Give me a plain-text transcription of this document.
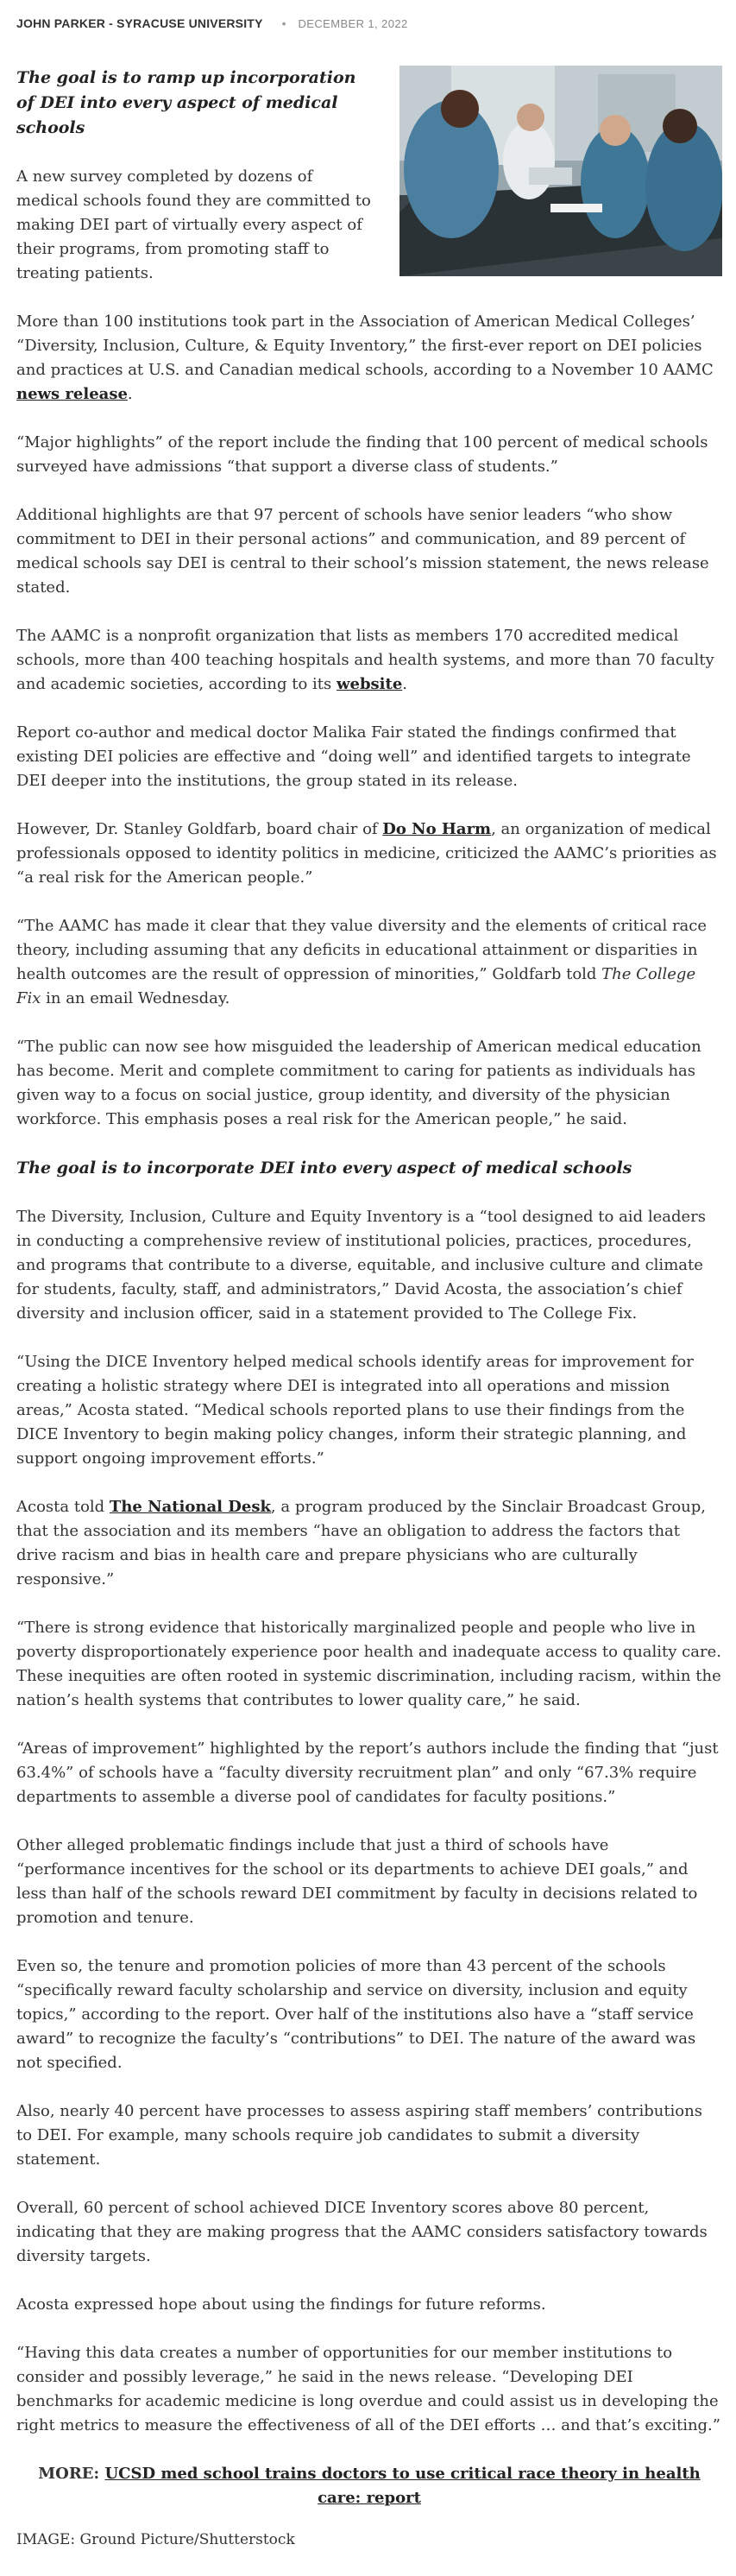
JOHN PARKER - SYRACUSE UNIVERSITY • DECEMBER 1, 2022
The goal is to ramp up incorporation of DEI into every aspect of medical schools

A new survey completed by dozens of medical schools found they are committed to making DEI part of virtually every aspect of their programs, from promoting staff to treating patients.

More than 100 institutions took part in the Association of American Medical Colleges’ “Diversity, Inclusion, Culture, & Equity Inventory,” the first-ever report on DEI policies and practices at U.S. and Canadian medical schools, according to a November 10 AAMC news release.

“Major highlights” of the report include the finding that 100 percent of medical schools surveyed have admissions “that support a diverse class of students.”

Additional highlights are that 97 percent of schools have senior leaders “who show commitment to DEI in their personal actions” and communication, and 89 percent of medical schools say DEI is central to their school’s mission statement, the news release stated.

The AAMC is a nonprofit organization that lists as members 170 accredited medical schools, more than 400 teaching hospitals and health systems, and more than 70 faculty and academic societies, according to its website.

Report co-author and medical doctor Malika Fair stated the findings confirmed that existing DEI policies are effective and “doing well” and identified targets to integrate DEI deeper into the institutions, the group stated in its release.

However, Dr. Stanley Goldfarb, board chair of Do No Harm, an organization of medical professionals opposed to identity politics in medicine, criticized the AAMC’s priorities as “a real risk for the American people.”

“The AAMC has made it clear that they value diversity and the elements of critical race theory, including assuming that any deficits in educational attainment or disparities in health outcomes are the result of oppression of minorities,” Goldfarb told The College Fix in an email Wednesday.

“The public can now see how misguided the leadership of American medical education has become. Merit and complete commitment to caring for patients as individuals has given way to a focus on social justice, group identity, and diversity of the physician workforce. This emphasis poses a real risk for the American people,” he said.

The goal is to incorporate DEI into every aspect of medical schools

The Diversity, Inclusion, Culture and Equity Inventory is a “tool designed to aid leaders in conducting a comprehensive review of institutional policies, practices, procedures, and programs that contribute to a diverse, equitable, and inclusive culture and climate for students, faculty, staff, and administrators,” David Acosta, the association’s chief diversity and inclusion officer, said in a statement provided to The College Fix.

“Using the DICE Inventory helped medical schools identify areas for improvement for creating a holistic strategy where DEI is integrated into all operations and mission areas,” Acosta stated. “Medical schools reported plans to use their findings from the DICE Inventory to begin making policy changes, inform their strategic planning, and support ongoing improvement efforts.”

Acosta told The National Desk, a program produced by the Sinclair Broadcast Group, that the association and its members “have an obligation to address the factors that drive racism and bias in health care and prepare physicians who are culturally responsive.”

“There is strong evidence that historically marginalized people and people who live in poverty disproportionately experience poor health and inadequate access to quality care. These inequities are often rooted in systemic discrimination, including racism, within the nation’s health systems that contributes to lower quality care,” he said.

“Areas of improvement” highlighted by the report’s authors include the finding that “just 63.4%” of schools have a “faculty diversity recruitment plan” and only “67.3% require departments to assemble a diverse pool of candidates for faculty positions.”

Other alleged problematic findings include that just a third of schools have “performance incentives for the school or its departments to achieve DEI goals,” and less than half of the schools reward DEI commitment by faculty in decisions related to promotion and tenure.

Even so, the tenure and promotion policies of more than 43 percent of the schools “specifically reward faculty scholarship and service on diversity, inclusion and equity topics,” according to the report. Over half of the institutions also have a “staff service award” to recognize the faculty’s “contributions” to DEI. The nature of the award was not specified.

Also, nearly 40 percent have processes to assess aspiring staff members’ contributions to DEI. For example, many schools require job candidates to submit a diversity statement.

Overall, 60 percent of school achieved DICE Inventory scores above 80 percent, indicating that they are making progress that the AAMC considers satisfactory towards diversity targets.

Acosta expressed hope about using the findings for future reforms.

“Having this data creates a number of opportunities for our member institutions to consider and possibly leverage,” he said in the news release. “Developing DEI benchmarks for academic medicine is long overdue and could assist us in developing the right metrics to measure the effectiveness of all of the DEI efforts … and that’s exciting.”

MORE: UCSD med school trains doctors to use critical race theory in health care: report

IMAGE: Ground Picture/Shutterstock
